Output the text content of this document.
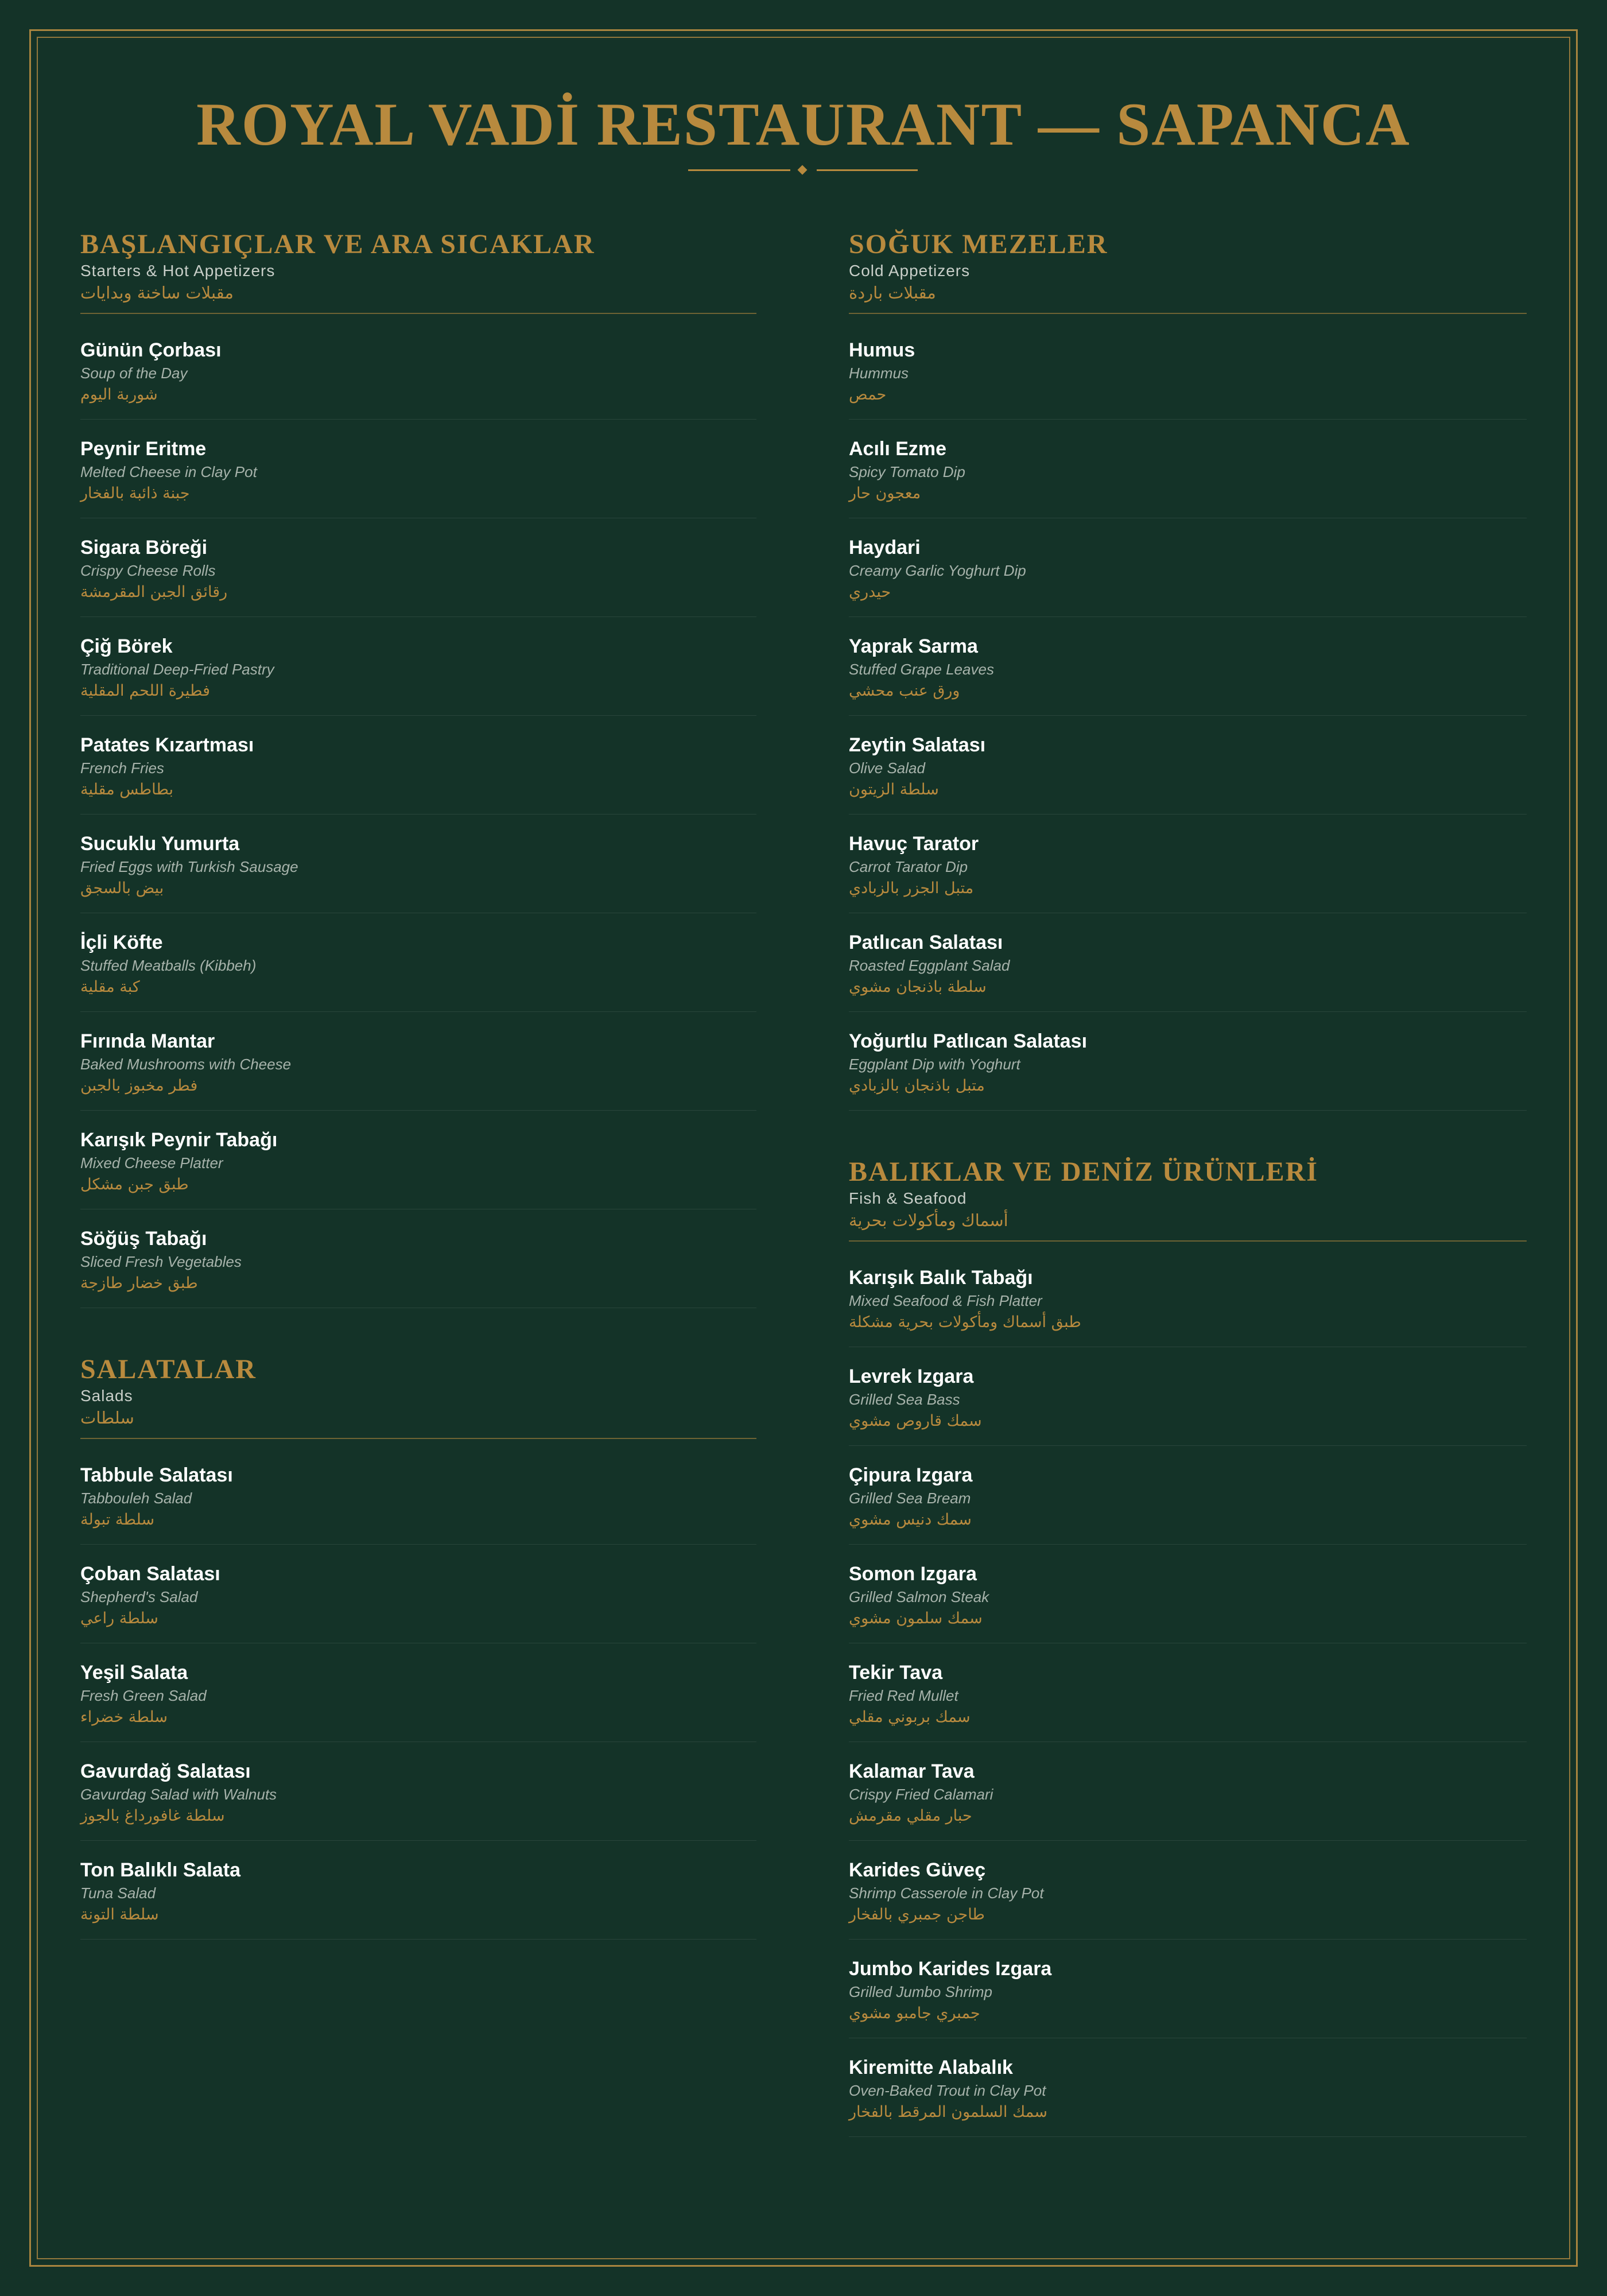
ROYAL VADİ RESTAURANT — SAPANCA
BAŞLANGIÇLAR VE ARA SICAKLAR
Starters & Hot Appetizers
مقبلات ساخنة وبدايات
Günün Çorbası
Soup of the Day
شوربة اليوم
Peynir Eritme
Melted Cheese in Clay Pot
جبنة ذائبة بالفخار
Sigara Böreği
Crispy Cheese Rolls
رقائق الجبن المقرمشة
Çiğ Börek
Traditional Deep-Fried Pastry
فطيرة اللحم المقلية
Patates Kızartması
French Fries
بطاطس مقلية
Sucuklu Yumurta
Fried Eggs with Turkish Sausage
بيض بالسجق
İçli Köfte
Stuffed Meatballs (Kibbeh)
كبة مقلية
Fırında Mantar
Baked Mushrooms with Cheese
فطر مخبوز بالجبن
Karışık Peynir Tabağı
Mixed Cheese Platter
طبق جبن مشكل
Söğüş Tabağı
Sliced Fresh Vegetables
طبق خضار طازجة
SALATALAR
Salads
سلطات
Tabbule Salatası
Tabbouleh Salad
سلطة تبولة
Çoban Salatası
Shepherd's Salad
سلطة راعي
Yeşil Salata
Fresh Green Salad
سلطة خضراء
Gavurdağ Salatası
Gavurdag Salad with Walnuts
سلطة غافورداغ بالجوز
Ton Balıklı Salata
Tuna Salad
سلطة التونة
SOĞUK MEZELER
Cold Appetizers
مقبلات باردة
Humus
Hummus
حمص
Acılı Ezme
Spicy Tomato Dip
معجون حار
Haydari
Creamy Garlic Yoghurt Dip
حيدري
Yaprak Sarma
Stuffed Grape Leaves
ورق عنب محشي
Zeytin Salatası
Olive Salad
سلطة الزيتون
Havuç Tarator
Carrot Tarator Dip
متبل الجزر بالزبادي
Patlıcan Salatası
Roasted Eggplant Salad
سلطة باذنجان مشوي
Yoğurtlu Patlıcan Salatası
Eggplant Dip with Yoghurt
متبل باذنجان بالزبادي
BALIKLAR VE DENİZ ÜRÜNLERİ
Fish & Seafood
أسماك ومأكولات بحرية
Karışık Balık Tabağı
Mixed Seafood & Fish Platter
طبق أسماك ومأكولات بحرية مشكلة
Levrek Izgara
Grilled Sea Bass
سمك قاروص مشوي
Çipura Izgara
Grilled Sea Bream
سمك دنيس مشوي
Somon Izgara
Grilled Salmon Steak
سمك سلمون مشوي
Tekir Tava
Fried Red Mullet
سمك بربوني مقلي
Kalamar Tava
Crispy Fried Calamari
حبار مقلي مقرمش
Karides Güveç
Shrimp Casserole in Clay Pot
طاجن جمبري بالفخار
Jumbo Karides Izgara
Grilled Jumbo Shrimp
جمبري جامبو مشوي
Kiremitte Alabalık
Oven-Baked Trout in Clay Pot
سمك السلمون المرقط بالفخار
